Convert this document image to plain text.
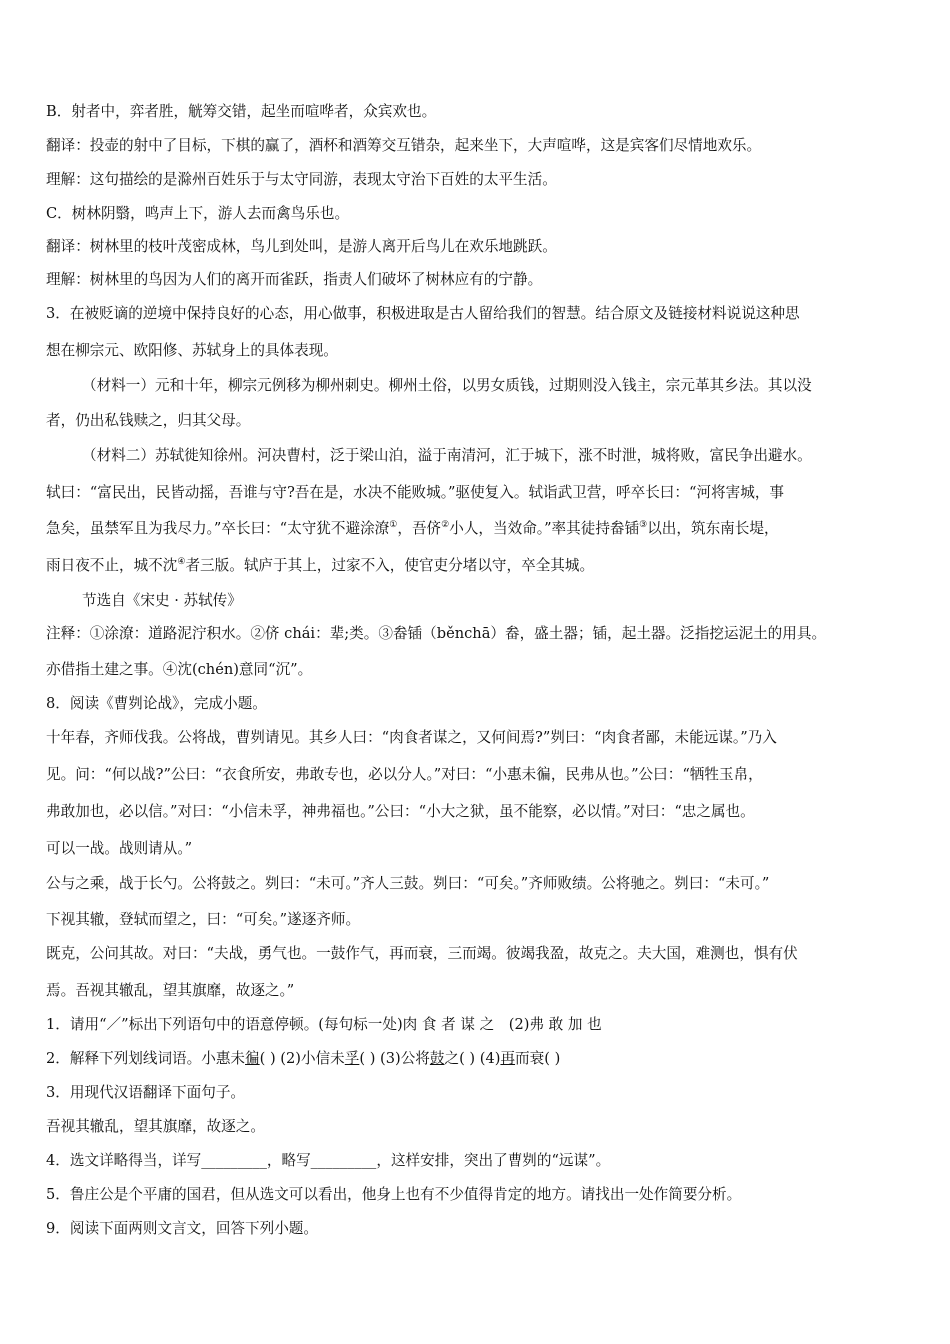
B．射者中，弈者胜，觥筹交错，起坐而喧哗者，众宾欢也。
翻译：投壶的射中了目标，下棋的赢了，酒杯和酒筹交互错杂，起来坐下，大声喧哗，这是宾客们尽情地欢乐。
理解：这句描绘的是滁州百姓乐于与太守同游，表现太守治下百姓的太平生活。
C．树林阴翳，鸣声上下，游人去而禽鸟乐也。
翻译：树林里的枝叶茂密成林，鸟儿到处叫，是游人离开后鸟儿在欢乐地跳跃。
理解：树林里的鸟因为人们的离开而雀跃，指责人们破坏了树林应有的宁静。
3．在被贬谪的逆境中保持良好的心态，用心做事，积极进取是古人留给我们的智慧。结合原文及链接材料说说这种思
想在柳宗元、欧阳修、苏轼身上的具体表现。
（材料一）元和十年，柳宗元例移为柳州刺史。柳州土俗，以男女质钱，过期则没入钱主，宗元革其乡法。其以没
者，仍出私钱赎之，归其父母。
（材料二）苏轼徙知徐州。河决曹村，泛于梁山泊，溢于南清河，汇于城下，涨不时泄，城将败，富民争出避水。
轼曰：“富民出，民皆动摇，吾谁与守?吾在是，水决不能败城。”驱使复入。轼诣武卫营，呼卒长曰：“河将害城，事
急矣，虽禁军且为我尽力。”卒长曰：“太守犹不避涂潦①，吾侪②小人，当效命。”率其徒持畚锸③以出，筑东南长堤，
雨日夜不止，城不沈④者三版。轼庐于其上，过家不入，使官吏分堵以守，卒全其城。
节选自《宋史 · 苏轼传》
注释：①涂潦：道路泥泞积水。②侪 chái：辈;类。③畚锸（běnchā）畚，盛土器；锸，起土器。泛指挖运泥土的用具。
亦借指土建之事。④沈(chén)意同“沉”。
8．阅读《曹刿论战》，完成小题。
十年春，齐师伐我。公将战，曹刿请见。其乡人曰：“肉食者谋之，又何间焉?”刿曰：“肉食者鄙，未能远谋。”乃入
见。问：“何以战?”公曰：“衣食所安，弗敢专也，必以分人。”对曰：“小惠未徧，民弗从也。”公曰：“牺牲玉帛，
弗敢加也，必以信。”对曰：“小信未孚，神弗福也。”公曰：“小大之狱，虽不能察，必以情。”对曰：“忠之属也。
可以一战。战则请从。”
公与之乘，战于长勺。公将鼓之。刿曰：“未可。”齐人三鼓。刿曰：“可矣。”齐师败绩。公将驰之。刿曰：“未可。”
下视其辙，登轼而望之，曰：“可矣。”遂逐齐师。
既克，公问其故。对曰：“夫战，勇气也。一鼓作气，再而衰，三而竭。彼竭我盈，故克之。夫大国，难测也，惧有伏
焉。吾视其辙乱，望其旗靡，故逐之。”
1．请用“／”标出下列语句中的语意停顿。(每句标一处)肉 食 者 谋 之　(2)弗 敢 加 也
2．解释下列划线词语。小惠未徧( ) (2)小信未孚( ) (3)公将鼓之( ) (4)再而衰( )
3．用现代汉语翻译下面句子。
吾视其辙乱，望其旗靡，故逐之。
4．选文详略得当，详写_________，略写_________，这样安排，突出了曹刿的“远谋”。
5．鲁庄公是个平庸的国君，但从选文可以看出，他身上也有不少值得肯定的地方。请找出一处作简要分析。
9．阅读下面两则文言文，回答下列小题。
